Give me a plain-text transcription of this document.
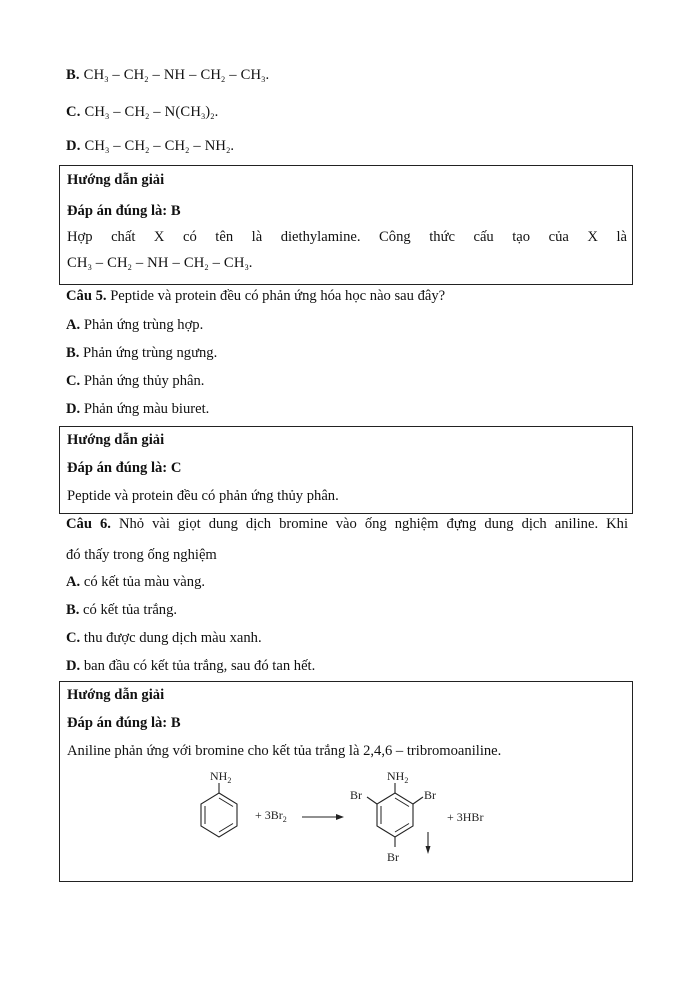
B. $CH_3 - CH_2$ – NH – $CH_2 - CH_3$.
C. $CH_3 - CH_2 - N(CH_3)_2$.
D. $CH_3 - CH_2 - CH_2 - NH_2$.
Hướng dẫn giải
Đáp án đúng là: B
Hợp chất X có tên là diethylamine. Công thức cấu tạo của X là
$CH_3 - CH_2$ – NH – $CH_2 - CH_3$.
Câu 5. Peptide và protein đều có phản ứng hóa học nào sau đây?
A. Phản ứng trùng hợp.
B. Phản ứng trùng ngưng.
C. Phản ứng thủy phân.
D. Phản ứng màu biuret.
Hướng dẫn giải
Đáp án đúng là: C
Peptide và protein đều có phản ứng thủy phân.
Câu 6. Nhỏ vài giọt dung dịch bromine vào ống nghiệm đựng dung dịch aniline. Khi
đó thấy trong ống nghiệm
A. có kết tủa màu vàng.
B. có kết tủa trắng.
C. thu được dung dịch màu xanh.
D. ban đầu có kết tủa trắng, sau đó tan hết.
Hướng dẫn giải
Đáp án đúng là: B
Aniline phản ứng với bromine cho kết tủa trắng là 2,4,6 – tribromoaniline.
$NH_2$
+ $3Br_2$
$NH_2$
Br	Br
Br
+ 3HBr
